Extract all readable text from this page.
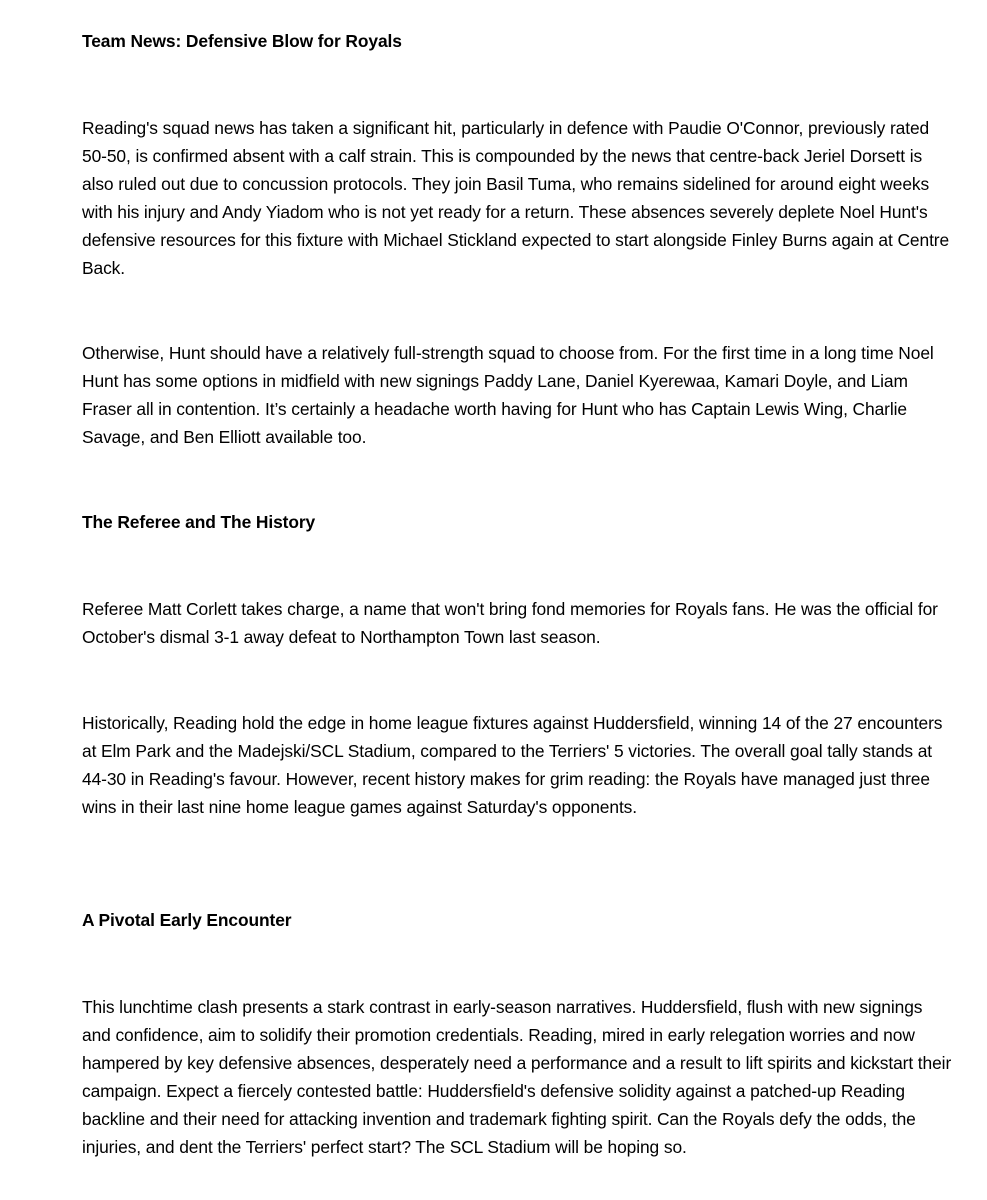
Team News: Defensive Blow for Royals

Reading's squad news has taken a significant hit, particularly in defence with Paudie O'Connor, previously rated 50-50, is confirmed absent with a calf strain. This is compounded by the news that centre-back Jeriel Dorsett is also ruled out due to concussion protocols. They join Basil Tuma, who remains sidelined for around eight weeks with his injury and Andy Yiadom who is not yet ready for a return. These absences severely deplete Noel Hunt's defensive resources for this fixture with Michael Stickland expected to start alongside Finley Burns again at Centre Back.

Otherwise, Hunt should have a relatively full-strength squad to choose from. For the first time in a long time Noel Hunt has some options in midfield with new signings Paddy Lane, Daniel Kyerewaa, Kamari Doyle, and Liam Fraser all in contention. It’s certainly a headache worth having for Hunt who has Captain Lewis Wing, Charlie Savage, and Ben Elliott available too.

The Referee and The History

Referee Matt Corlett takes charge, a name that won't bring fond memories for Royals fans. He was the official for October's dismal 3-1 away defeat to Northampton Town last season.

Historically, Reading hold the edge in home league fixtures against Huddersfield, winning 14 of the 27 encounters at Elm Park and the Madejski/SCL Stadium, compared to the Terriers' 5 victories. The overall goal tally stands at 44-30 in Reading's favour. However, recent history makes for grim reading: the Royals have managed just three wins in their last nine home league games against Saturday's opponents.

A Pivotal Early Encounter

This lunchtime clash presents a stark contrast in early-season narratives. Huddersfield, flush with new signings and confidence, aim to solidify their promotion credentials. Reading, mired in early relegation worries and now hampered by key defensive absences, desperately need a performance and a result to lift spirits and kickstart their campaign. Expect a fiercely contested battle: Huddersfield's defensive solidity against a patched-up Reading backline and their need for attacking invention and trademark fighting spirit. Can the Royals defy the odds, the injuries, and dent the Terriers' perfect start? The SCL Stadium will be hoping so.
